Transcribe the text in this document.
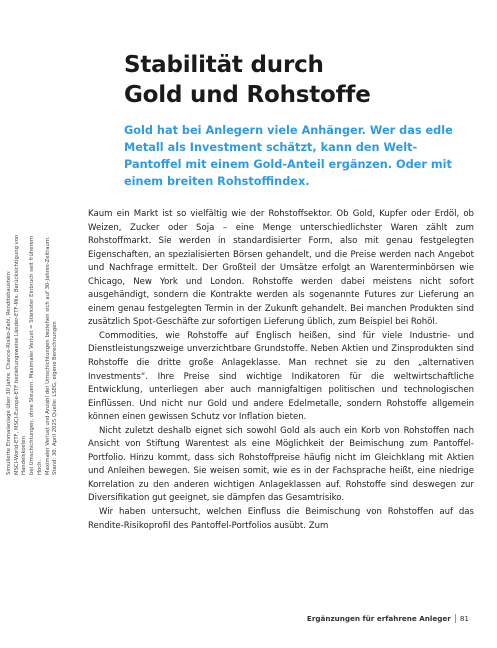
Stabilität durch
Gold und Rohstoffe
Gold hat bei Anlegern viele Anhänger. Wer das edle Metall als Investment schätzt, kann den Welt-Pantoffel mit einem Gold-Anteil ergänzen. Oder mit einem breiten Rohstoffindex.

Kaum ein Markt ist so vielfältig wie der Rohstoffsektor. Ob Gold, Kupfer oder Erdöl, ob Weizen, Zucker oder Soja – eine Menge unterschiedlichster Waren zählt zum Rohstoffmarkt. Sie werden in standardisierter Form, also mit genau festgelegten Eigenschaften, an spezialisierten Börsen gehandelt, und die Preise werden nach Angebot und Nachfrage ermittelt. Der Großteil der Umsätze erfolgt an Warenterminbörsen wie Chicago, New York und London. Rohstoffe werden dabei meistens nicht sofort ausgehändigt, sondern die Kontrakte werden als sogenannte Futures zur Lieferung an einem genau festgelegten Termin in der Zukunft gehandelt. Bei manchen Produkten sind zusätzlich Spot-Geschäfte zur sofortigen Lieferung üblich, zum Beispiel bei Rohöl.

Commodities, wie Rohstoffe auf Englisch heißen, sind für viele Industrie- und Dienstleistungszweige unverzichtbare Grundstoffe. Neben Aktien und Zinsprodukten sind Rohstoffe die dritte große Anlageklasse. Man rechnet sie zu den „alternativen Investments“. Ihre Preise sind wichtige Indikatoren für die weltwirtschaftliche Entwicklung, unterliegen aber auch mannigfaltigen politischen und technologischen Einflüssen. Und nicht nur Gold und andere Edelmetalle, sondern Rohstoffe allgemein können einen gewissen Schutz vor Inflation bieten.

Nicht zuletzt deshalb eignet sich sowohl Gold als auch ein Korb von Rohstoffen nach Ansicht von Stiftung Warentest als eine Möglichkeit der Beimischung zum Pantoffel-Portfolio. Hinzu kommt, dass sich Rohstoffpreise häufig nicht im Gleichklang mit Aktien und Anleihen bewegen. Sie weisen somit, wie es in der Fachsprache heißt, eine niedrige Korrelation zu den anderen wichtigen Anlageklassen auf. Rohstoffe sind deswegen zur Diversifikation gut geeignet, sie dämpfen das Gesamtrisiko.

Wir haben untersucht, welchen Einfluss die Beimischung von Rohstoffen auf das Rendite-Risikoprofil des Pantoffel-Portfolios ausübt. Zum

Simulierte Einmalanlage über 30 Jahre. Chance-Risiko-Zahl, Renditebaustein: MSCI-World-ETF, MSCI-Europe-ETF beziehungsweise Länder-ETF-Mix. Berücksichtigung von Handelskosten bei Umschichtungen, ohne Steuern. Maximaler Verlust = Stärkster Einbruch seit früherem Hoch. Maximaler Verlust und Anzahl der Umschichtungen beziehen sich auf 30-Jahres-Zeitraum. Stand: 30. April 2025 Quelle: LSEG, eigene Berechnungen
Ergänzungen für erfahrene Anleger 81
